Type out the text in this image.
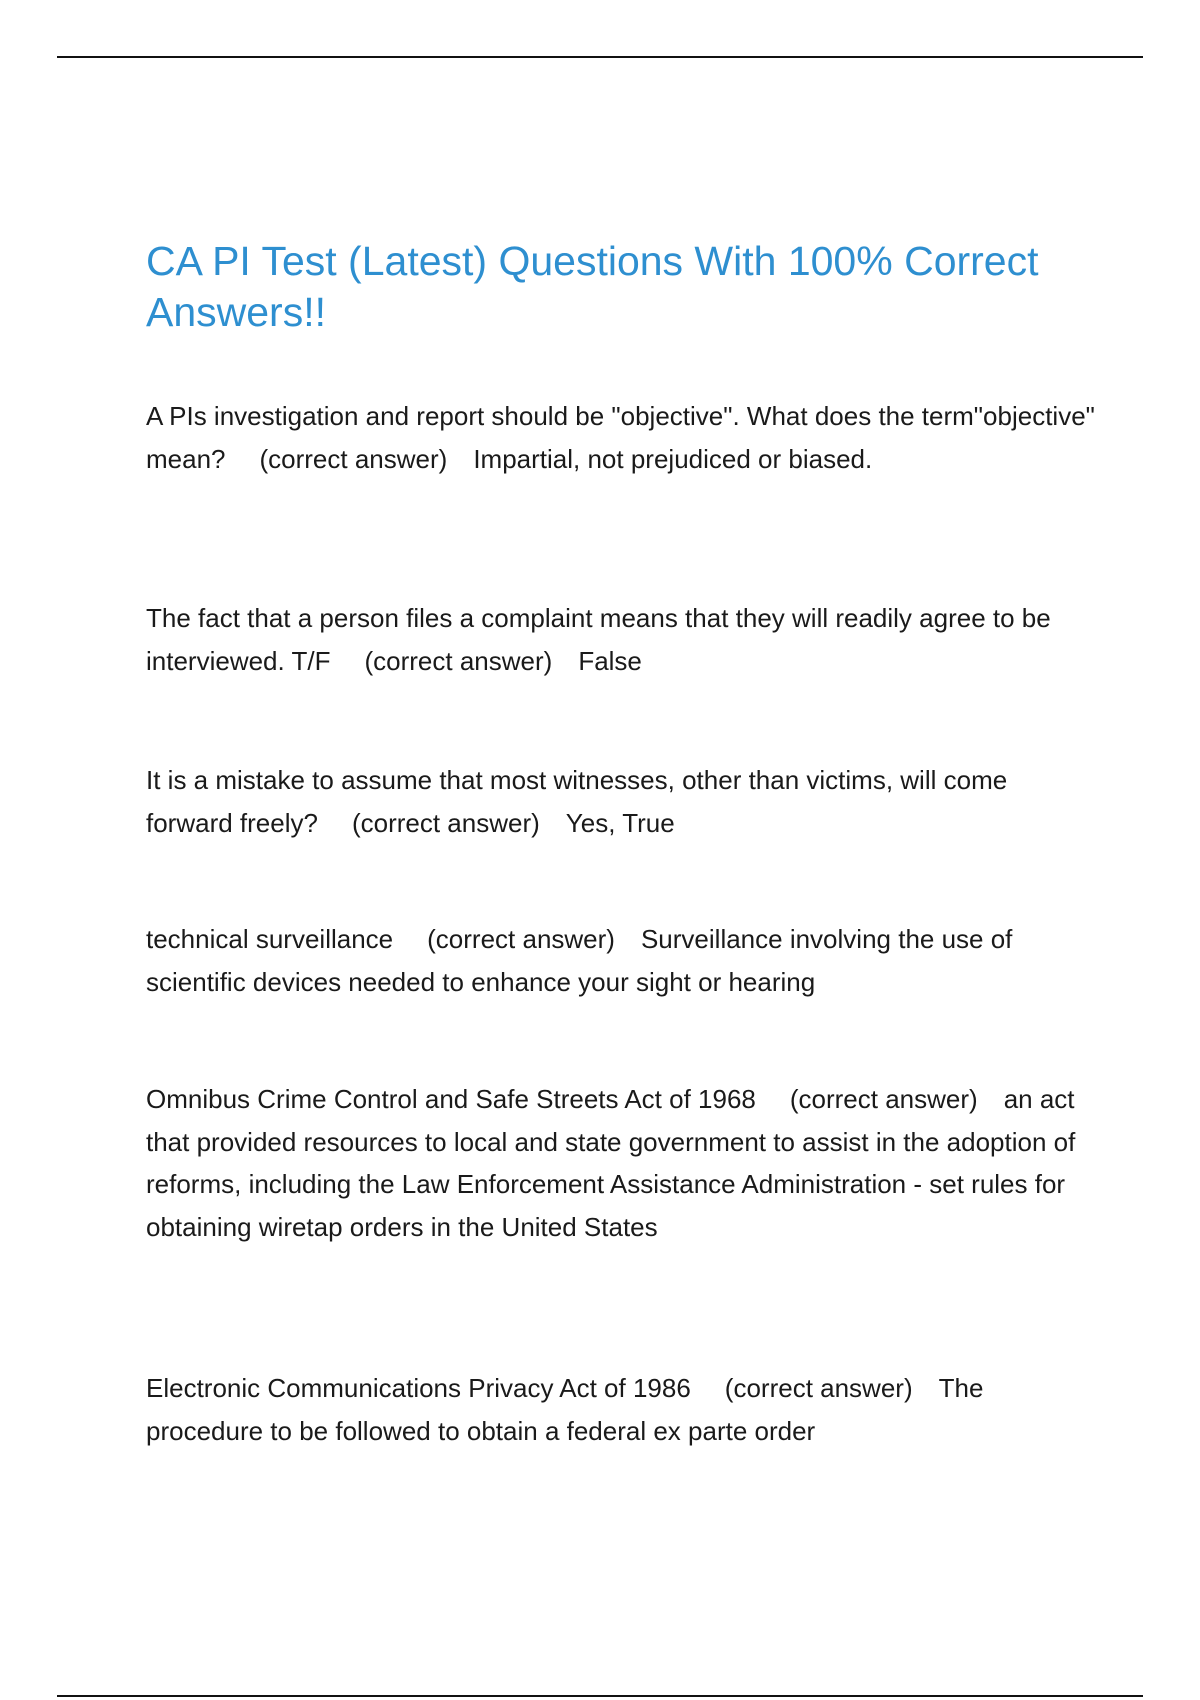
CA PI Test (Latest) Questions With 100% Correct Answers!!
A PIs investigation and report should be "objective". What does the term"objective" mean? (correct answer) Impartial, not prejudiced or biased.
The fact that a person files a complaint means that they will readily agree to be interviewed. T/F (correct answer) False
It is a mistake to assume that most witnesses, other than victims, will come forward freely? (correct answer) Yes, True
technical surveillance (correct answer) Surveillance involving the use of scientific devices needed to enhance your sight or hearing
Omnibus Crime Control and Safe Streets Act of 1968 (correct answer) an act that provided resources to local and state government to assist in the adoption of reforms, including the Law Enforcement Assistance Administration - set rules for obtaining wiretap orders in the United States
Electronic Communications Privacy Act of 1986 (correct answer) The procedure to be followed to obtain a federal ex parte order
